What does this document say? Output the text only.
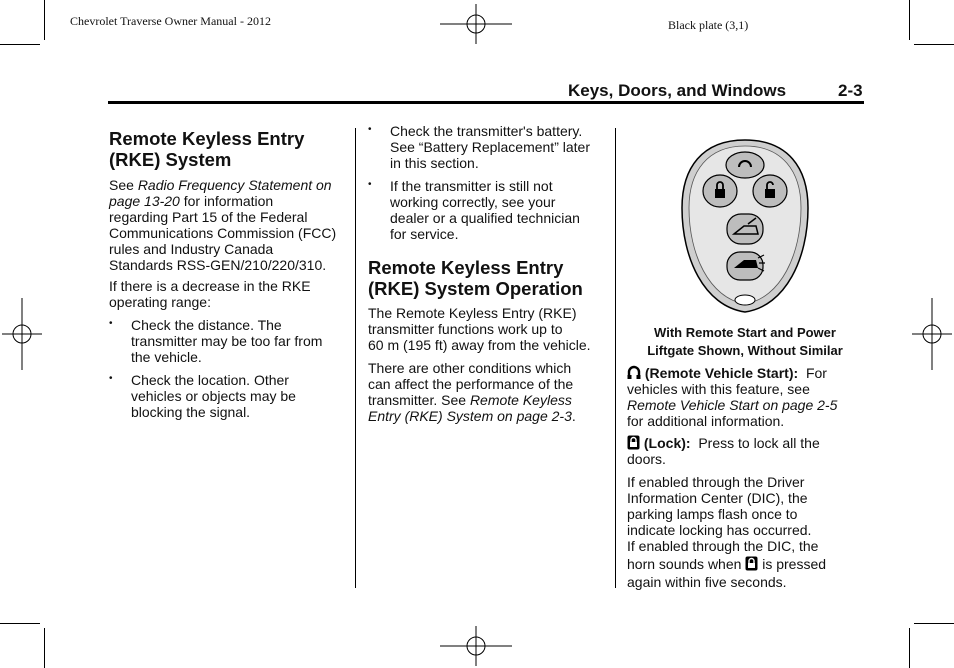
Chevrolet Traverse Owner Manual - 2012	Black plate (3,1)
Keys, Doors, and Windows	2-3
Remote Keyless Entry
(RKE) System
See Radio Frequency Statement on
page 13-20 for information
regarding Part 15 of the Federal
Communications Commission (FCC)
rules and Industry Canada
Standards RSS-GEN/210/220/310.
If there is a decrease in the RKE
operating range:
• Check the distance. The
transmitter may be too far from
the vehicle.
• Check the location. Other
vehicles or objects may be
blocking the signal.
• Check the transmitter's battery.
See “Battery Replacement” later
in this section.
• If the transmitter is still not
working correctly, see your
dealer or a qualified technician
for service.
Remote Keyless Entry
(RKE) System Operation
The Remote Keyless Entry (RKE)
transmitter functions work up to
60 m (195 ft) away from the vehicle.
There are other conditions which
can affect the performance of the
transmitter. See Remote Keyless
Entry (RKE) System on page 2-3.
With Remote Start and Power
Liftgate Shown, Without Similar
(Remote Vehicle Start): For
vehicles with this feature, see
Remote Vehicle Start on page 2-5
for additional information.
(Lock): Press to lock all the
doors.
If enabled through the Driver
Information Center (DIC), the
parking lamps flash once to
indicate locking has occurred.
If enabled through the DIC, the
horn sounds when is pressed
again within five seconds.
